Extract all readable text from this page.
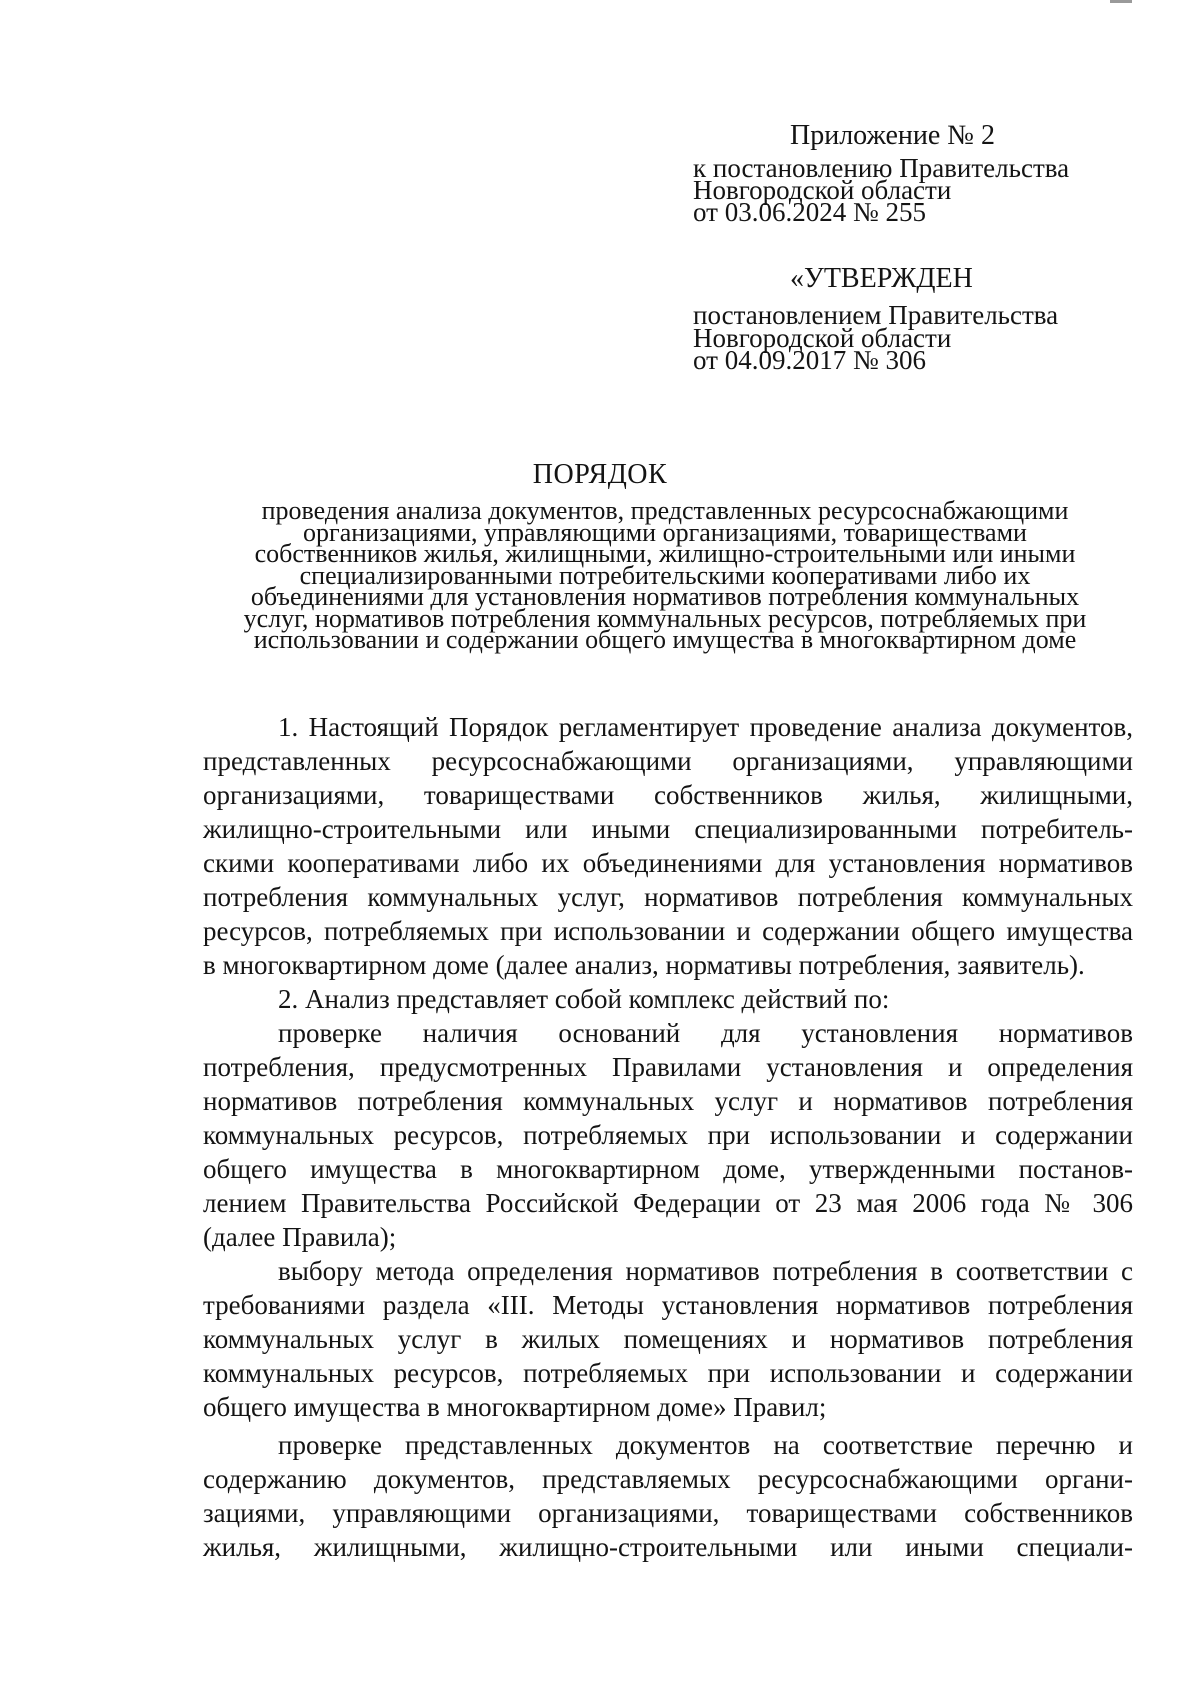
Приложение № 2
к постановлению Правительства
Новгородской области
от 03.06.2024 № 255
«УТВЕРЖДЕН
постановлением Правительства
Новгородской области
от 04.09.2017 № 306
ПОРЯДОК
проведения анализа документов, представленных ресурсоснабжающими
организациями, управляющими организациями, товариществами
собственников жилья, жилищными, жилищно-строительными или иными
специализированными потребительскими кооперативами либо их
объединениями для установления нормативов потребления коммунальных
услуг, нормативов потребления коммунальных ресурсов, потребляемых при
использовании и содержании общего имущества в многоквартирном доме
1. Настоящий Порядок регламентирует проведение анализа документов,
представленных ресурсоснабжающими организациями, управляющими
организациями, товариществами собственников жилья, жилищными,
жилищно-строительными или иными специализированными потребитель-
скими кооперативами либо их объединениями для установления нормативов
потребления коммунальных услуг, нормативов потребления коммунальных
ресурсов, потребляемых при использовании и содержании общего имущества
в многоквартирном доме (далее анализ, нормативы потребления, заявитель).
2. Анализ представляет собой комплекс действий по:
проверке наличия оснований для установления нормативов
потребления, предусмотренных Правилами установления и определения
нормативов потребления коммунальных услуг и нормативов потребления
коммунальных ресурсов, потребляемых при использовании и содержании
общего имущества в многоквартирном доме, утвержденными постанов-
лением Правительства Российской Федерации от 23 мая 2006 года № 306
(далее Правила);
выбору метода определения нормативов потребления в соответствии с
требованиями раздела «III. Методы установления нормативов потребления
коммунальных услуг в жилых помещениях и нормативов потребления
коммунальных ресурсов, потребляемых при использовании и содержании
общего имущества в многоквартирном доме» Правил;
проверке представленных документов на соответствие перечню и
содержанию документов, представляемых ресурсоснабжающими органи-
зациями, управляющими организациями, товариществами собственников
жилья, жилищными, жилищно-строительными или иными специали-
